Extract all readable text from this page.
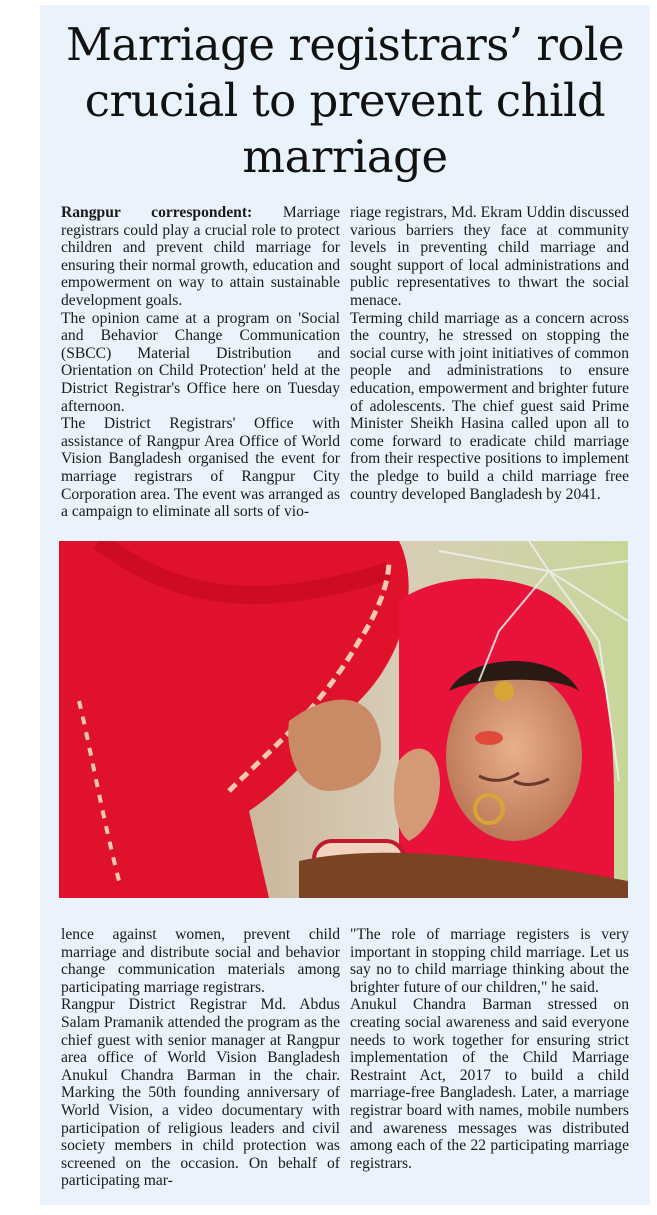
Marriage registrars’ role crucial to prevent child marriage

Rangpur correspondent: Marriage registrars could play a crucial role to protect children and prevent child marriage for ensuring their normal growth, education and empowerment on way to attain sustainable development goals.

The opinion came at a program on 'Social and Behavior Change Communication (SBCC) Material Distribution and Orientation on Child Protection' held at the District Registrar's Office here on Tuesday afternoon.

The District Registrars' Office with assistance of Rangpur Area Office of World Vision Bangladesh organised the event for marriage registrars of Rangpur City Corporation area. The event was arranged as a campaign to eliminate all sorts of vio-

riage registrars, Md. Ekram Uddin discussed various barriers they face at community levels in preventing child marriage and sought support of local administrations and public representatives to thwart the social menace.

Terming child marriage as a concern across the country, he stressed on stopping the social curse with joint initiatives of common people and administrations to ensure education, empowerment and brighter future of adolescents. The chief guest said Prime Minister Sheikh Hasina called upon all to come forward to eradicate child marriage from their respective positions to implement the pledge to build a child marriage free country developed Bangladesh by 2041.

lence against women, prevent child marriage and distribute social and behavior change communication materials among participating marriage registrars.

Rangpur District Registrar Md. Abdus Salam Pramanik attended the program as the chief guest with senior manager at Rangpur area office of World Vision Bangladesh Anukul Chandra Barman in the chair. Marking the 50th founding anniversary of World Vision, a video documentary with participation of religious leaders and civil society members in child protection was screened on the occasion. On behalf of participating mar-

"The role of marriage registers is very important in stopping child marriage. Let us say no to child marriage thinking about the brighter future of our children," he said.

Anukul Chandra Barman stressed on creating social awareness and said everyone needs to work together for ensuring strict implementation of the Child Marriage Restraint Act, 2017 to build a child marriage-free Bangladesh. Later, a marriage registrar board with names, mobile numbers and awareness messages was distributed among each of the 22 participating marriage registrars.
